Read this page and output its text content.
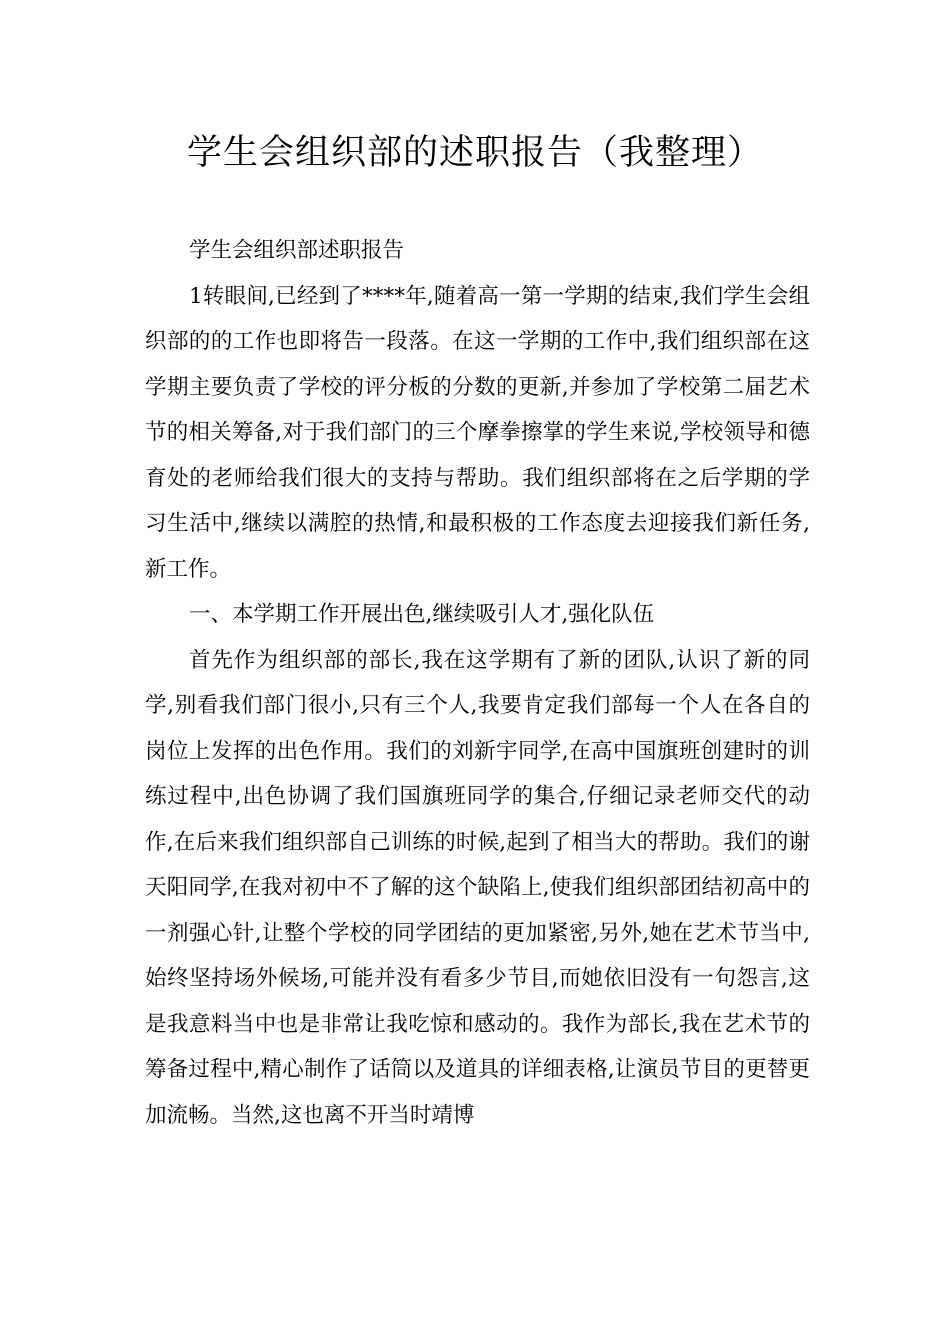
学生会组织部的述职报告（我整理）

学生会组织部述职报告

1转眼间,已经到了****年,随着高一第一学期的结束,我们学生会组织部的的工作也即将告一段落。在这一学期的工作中,我们组织部在这学期主要负责了学校的评分板的分数的更新,并参加了学校第二届艺术节的相关筹备,对于我们部门的三个摩拳擦掌的学生来说,学校领导和德育处的老师给我们很大的支持与帮助。我们组织部将在之后学期的学习生活中,继续以满腔的热情,和最积极的工作态度去迎接我们新任务,新工作。

一、本学期工作开展出色,继续吸引人才,强化队伍

首先作为组织部的部长,我在这学期有了新的团队,认识了新的同学,别看我们部门很小,只有三个人,我要肯定我们部每一个人在各自的岗位上发挥的出色作用。我们的刘新宇同学,在高中国旗班创建时的训练过程中,出色协调了我们国旗班同学的集合,仔细记录老师交代的动作,在后来我们组织部自己训练的时候,起到了相当大的帮助。我们的谢天阳同学,在我对初中不了解的这个缺陷上,使我们组织部团结初高中的一剂强心针,让整个学校的同学团结的更加紧密,另外,她在艺术节当中,始终坚持场外候场,可能并没有看多少节目,而她依旧没有一句怨言,这是我意料当中也是非常让我吃惊和感动的。我作为部长,我在艺术节的筹备过程中,精心制作了话筒以及道具的详细表格,让演员节目的更替更加流畅。当然,这也离不开当时靖博
